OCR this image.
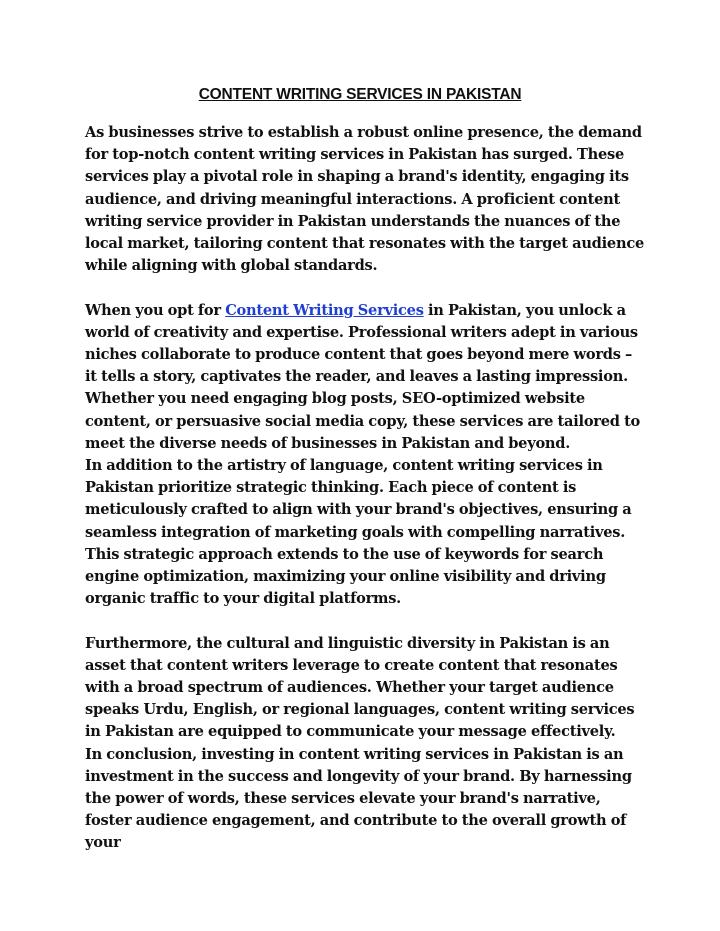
CONTENT WRITING SERVICES IN PAKISTAN

As businesses strive to establish a robust online presence, the demand for top-notch content writing services in Pakistan has surged. These services play a pivotal role in shaping a brand's identity, engaging its audience, and driving meaningful interactions. A proficient content writing service provider in Pakistan understands the nuances of the local market, tailoring content that resonates with the target audience while aligning with global standards.

When you opt for Content Writing Services in Pakistan, you unlock a world of creativity and expertise. Professional writers adept in various niches collaborate to produce content that goes beyond mere words – it tells a story, captivates the reader, and leaves a lasting impression. Whether you need engaging blog posts, SEO-optimized website content, or persuasive social media copy, these services are tailored to meet the diverse needs of businesses in Pakistan and beyond.

In addition to the artistry of language, content writing services in Pakistan prioritize strategic thinking. Each piece of content is meticulously crafted to align with your brand's objectives, ensuring a seamless integration of marketing goals with compelling narratives. This strategic approach extends to the use of keywords for search engine optimization, maximizing your online visibility and driving organic traffic to your digital platforms.

Furthermore, the cultural and linguistic diversity in Pakistan is an asset that content writers leverage to create content that resonates with a broad spectrum of audiences. Whether your target audience speaks Urdu, English, or regional languages, content writing services in Pakistan are equipped to communicate your message effectively.

In conclusion, investing in content writing services in Pakistan is an investment in the success and longevity of your brand. By harnessing the power of words, these services elevate your brand's narrative, foster audience engagement, and contribute to the overall growth of your
